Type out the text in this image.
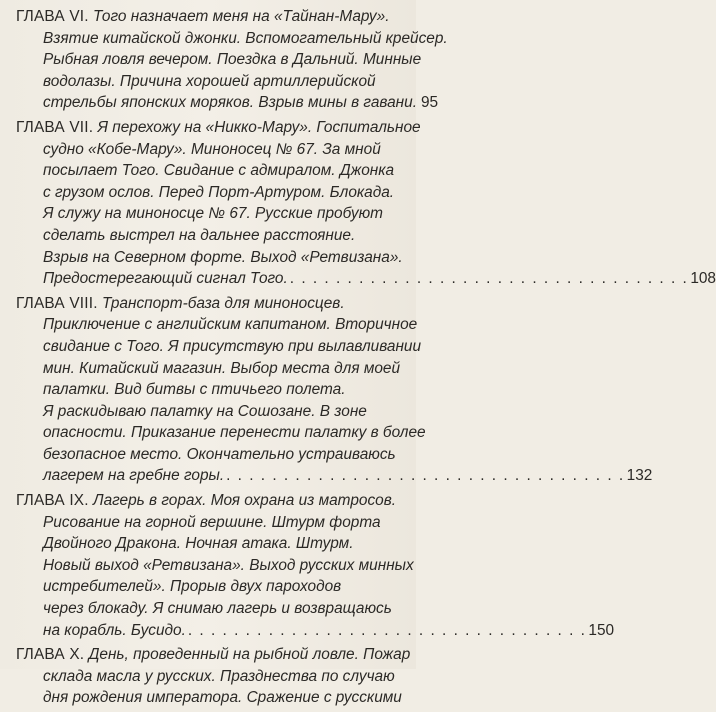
ГЛАВА VI. Того назначает меня на «Тайнан-Мару».
Взятие китайской джонки. Вспомогательный крейсер.
Рыбная ловля вечером. Поездка в Дальний. Минные
водолазы. Причина хорошей артиллерийской
стрельбы японских моряков. Взрыв мины в гавани. 95
ГЛАВА VII. Я перехожу на «Никко-Мару». Госпитальное
судно «Кобе-Мару». Миноносец № 67. За мной
посылает Того. Свидание с адмиралом. Джонка
с грузом ослов. Перед Порт-Артуром. Блокада.
Я служу на миноносце № 67. Русские пробуют
сделать выстрел на дальнее расстояние.
Взрыв на Северном форте. Выход «Ретвизана».
Предостерегающий сигнал Того. . . . . . . . . . . . . . . . . . . . . . . . . . . . . . . . . . . . 108
ГЛАВА VIII. Транспорт-база для миноносцев.
Приключение с английским капитаном. Вторичное
свидание с Того. Я присутствую при вылавливании
мин. Китайский магазин. Выбор места для моей
палатки. Вид битвы с птичьего полета.
Я раскидываю палатку на Сошозане. В зоне
опасности. Приказание перенести палатку в более
безопасное место. Окончательно устраиваюсь
лагерем на гребне горы. . . . . . . . . . . . . . . . . . . . . . . . . . . . . . . . . . . . 132
ГЛАВА IX. Лагерь в горах. Моя охрана из матросов.
Рисование на горной вершине. Штурм форта
Двойного Дракона. Ночная атака. Штурм.
Новый выход «Ретвизана». Выход русских минных
истребителей». Прорыв двух пароходов
через блокаду. Я снимаю лагерь и возвращаюсь
на корабль. Бусидо. . . . . . . . . . . . . . . . . . . . . . . . . . . . . . . . . . . . 150
ГЛАВА X. День, проведенный на рыбной ловле. Пожар
склада масла у русских. Празднества по случаю
дня рождения императора. Сражение с русскими
